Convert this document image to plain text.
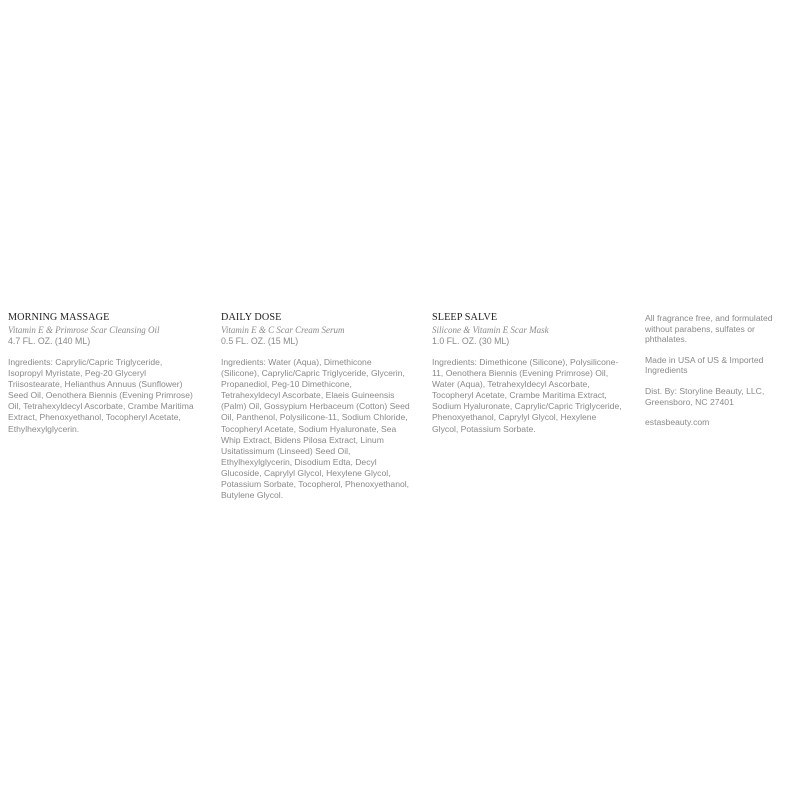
MORNING MASSAGE

Vitamin E & Primrose Scar Cleansing Oil

4.7 FL. OZ. (140 ML)

Ingredients: Caprylic/Capric Triglyceride, Isopropyl Myristate, Peg-20 Glyceryl Triisostearate, Helianthus Annuus (Sunflower) Seed Oil, Oenothera Biennis (Evening Primrose) Oil, Tetrahexyldecyl Ascorbate, Crambe Maritima Extract, Phenoxyethanol, Tocopheryl Acetate, Ethylhexylglycerin.

DAILY DOSE

Vitamin E & C Scar Cream Serum

0.5 FL. OZ. (15 ML)

Ingredients: Water (Aqua), Dimethicone (Silicone), Caprylic/Capric Triglyceride, Glycerin, Propanediol, Peg-10 Dimethicone, Tetrahexyldecyl Ascorbate, Elaeis Guineensis (Palm) Oil, Gossypium Herbaceum (Cotton) Seed Oil, Panthenol, Polysilicone-11, Sodium Chloride, Tocopheryl Acetate, Sodium Hyaluronate, Sea Whip Extract, Bidens Pilosa Extract, Linum Usitatissimum (Linseed) Seed Oil, Ethylhexylglycerin, Disodium Edta, Decyl Glucoside, Caprylyl Glycol, Hexylene Glycol, Potassium Sorbate, Tocopherol, Phenoxyethanol, Butylene Glycol.

SLEEP SALVE

Silicone & Vitamin E Scar Mask

1.0 FL. OZ. (30 ML)

Ingredients: Dimethicone (Silicone), Polysilicone-11, Oenothera Biennis (Evening Primrose) Oil, Water (Aqua), Tetrahexyldecyl Ascorbate, Tocopheryl Acetate, Crambe Maritima Extract, Sodium Hyaluronate, Caprylic/Capric Triglyceride, Phenoxyethanol, Caprylyl Glycol, Hexylene Glycol, Potassium Sorbate.

All fragrance free, and formulated without parabens, sulfates or phthalates.

Made in USA of US & Imported Ingredients

Dist. By: Storyline Beauty, LLC, Greensboro, NC 27401

estasbeauty.com
